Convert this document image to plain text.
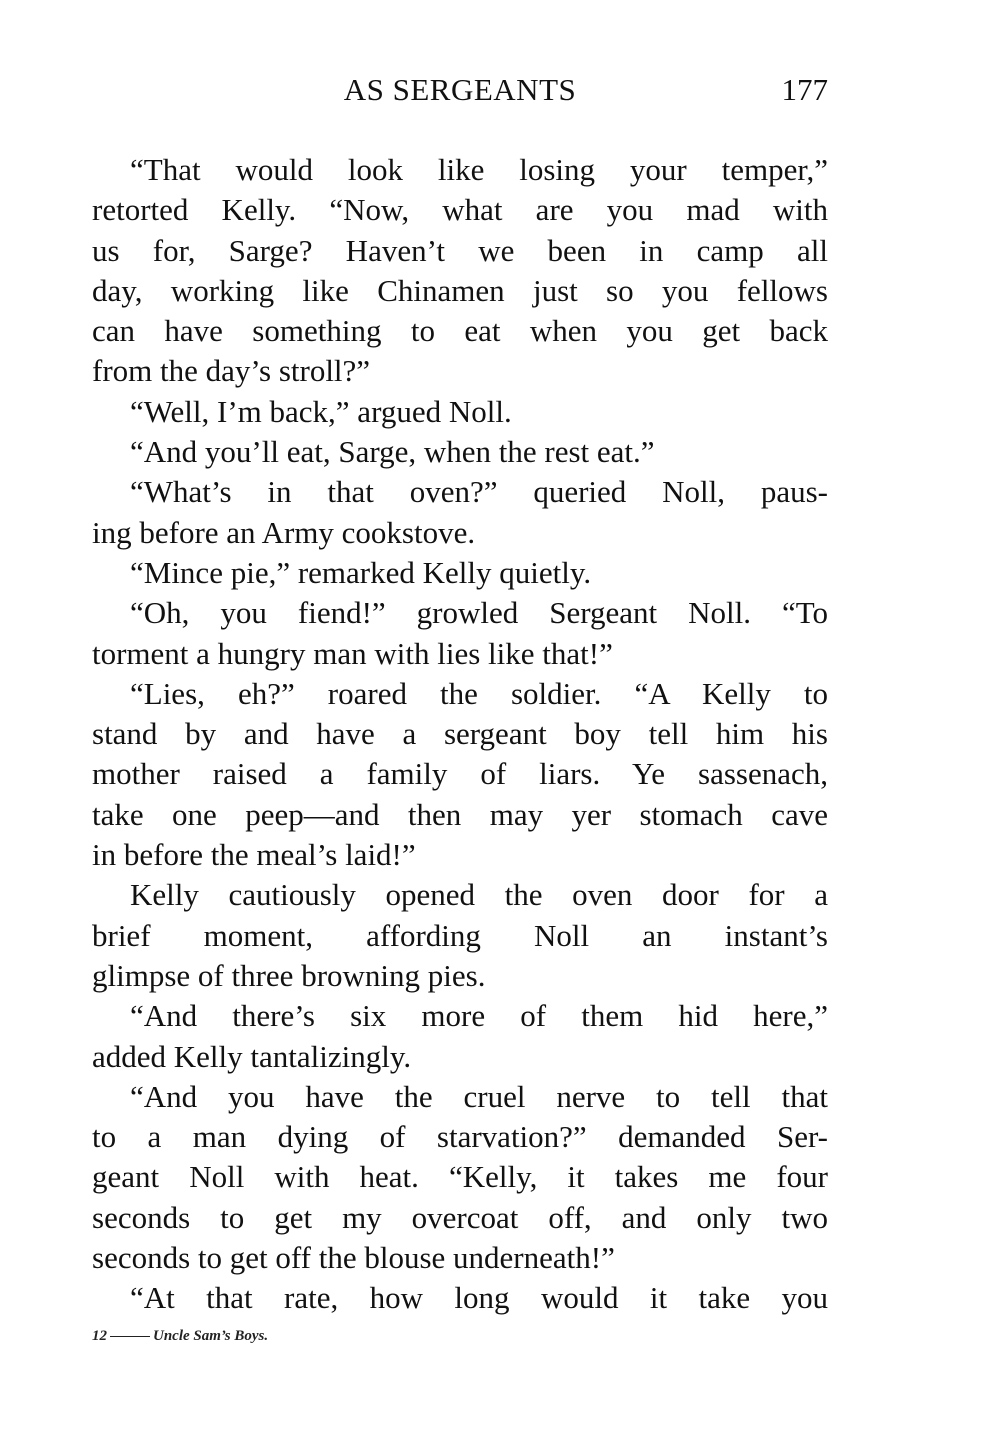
AS SERGEANTS	177
“That would look like losing your temper,”
retorted Kelly. “Now, what are you mad with
us for, Sarge? Haven’t we been in camp all
day, working like Chinamen just so you fellows
can have something to eat when you get back
from the day’s stroll?”
“Well, I’m back,” argued Noll.
“And you’ll eat, Sarge, when the rest eat.”
“What’s in that oven?” queried Noll, paus-
ing before an Army cookstove.
“Mince pie,” remarked Kelly quietly.
“Oh, you fiend!” growled Sergeant Noll. “To
torment a hungry man with lies like that!”
“Lies, eh?” roared the soldier. “A Kelly to
stand by and have a sergeant boy tell him his
mother raised a family of liars. Ye sassenach,
take one peep—and then may yer stomach cave
in before the meal’s laid!”
Kelly cautiously opened the oven door for a
brief moment, affording Noll an instant’s
glimpse of three browning pies.
“And there’s six more of them hid here,”
added Kelly tantalizingly.
“And you have the cruel nerve to tell that
to a man dying of starvation?” demanded Ser-
geant Noll with heat. “Kelly, it takes me four
seconds to get my overcoat off, and only two
seconds to get off the blouse underneath!”
“At that rate, how long would it take you
12	Uncle Sam’s Boys.
